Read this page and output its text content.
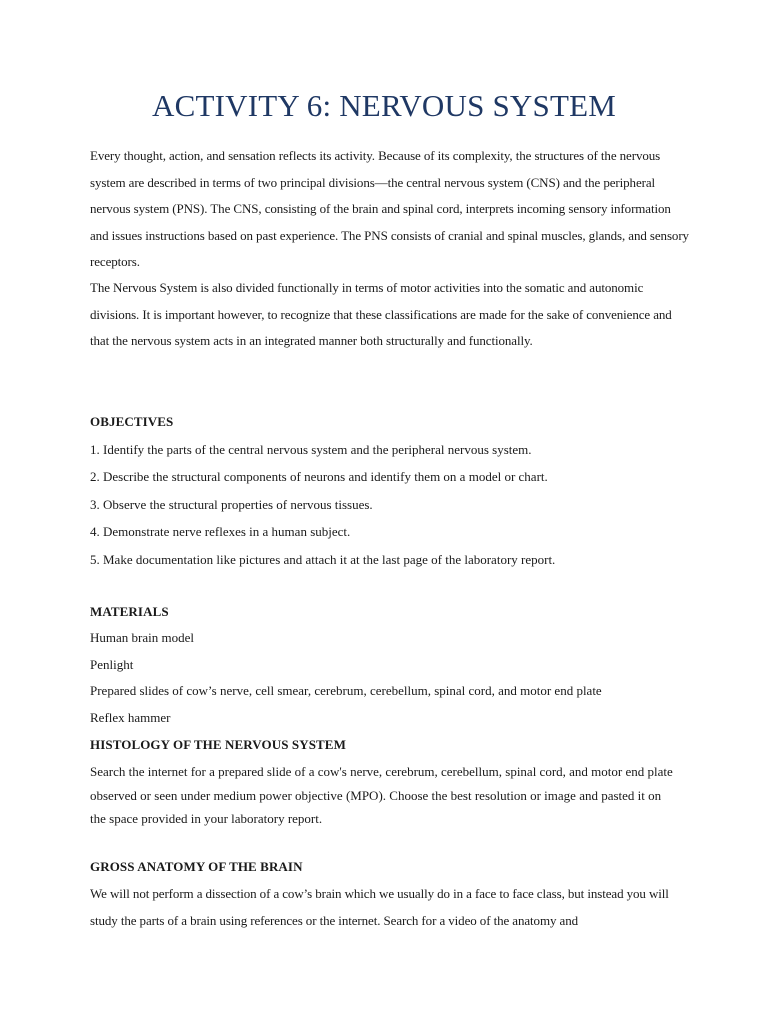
ACTIVITY 6: NERVOUS SYSTEM

Every thought, action, and sensation reflects its activity. Because of its complexity, the structures of the nervous system are described in terms of two principal divisions—the central nervous system (CNS) and the peripheral nervous system (PNS). The CNS, consisting of the brain and spinal cord, interprets incoming sensory information and issues instructions based on past experience. The PNS consists of cranial and spinal muscles, glands, and sensory receptors.

The Nervous System is also divided functionally in terms of motor activities into the somatic and autonomic divisions. It is important however, to recognize that these classifications are made for the sake of convenience and that the nervous system acts in an integrated manner both structurally and functionally.

OBJECTIVES
1. Identify the parts of the central nervous system and the peripheral nervous system.
2. Describe the structural components of neurons and identify them on a model or chart.
3. Observe the structural properties of nervous tissues.
4. Demonstrate nerve reflexes in a human subject.
5. Make documentation like pictures and attach it at the last page of the laboratory report.
MATERIALS
Human brain model
Penlight
Prepared slides of cow’s nerve, cell smear, cerebrum, cerebellum, spinal cord, and motor end plate
Reflex hammer
HISTOLOGY OF THE NERVOUS SYSTEM

Search the internet for a prepared slide of a cow's nerve, cerebrum, cerebellum, spinal cord, and motor end plate observed or seen under medium power objective (MPO). Choose the best resolution or image and pasted it on the space provided in your laboratory report.

GROSS ANATOMY OF THE BRAIN

We will not perform a dissection of a cow’s brain which we usually do in a face to face class, but instead you will study the parts of a brain using references or the internet. Search for a video of the anatomy and
